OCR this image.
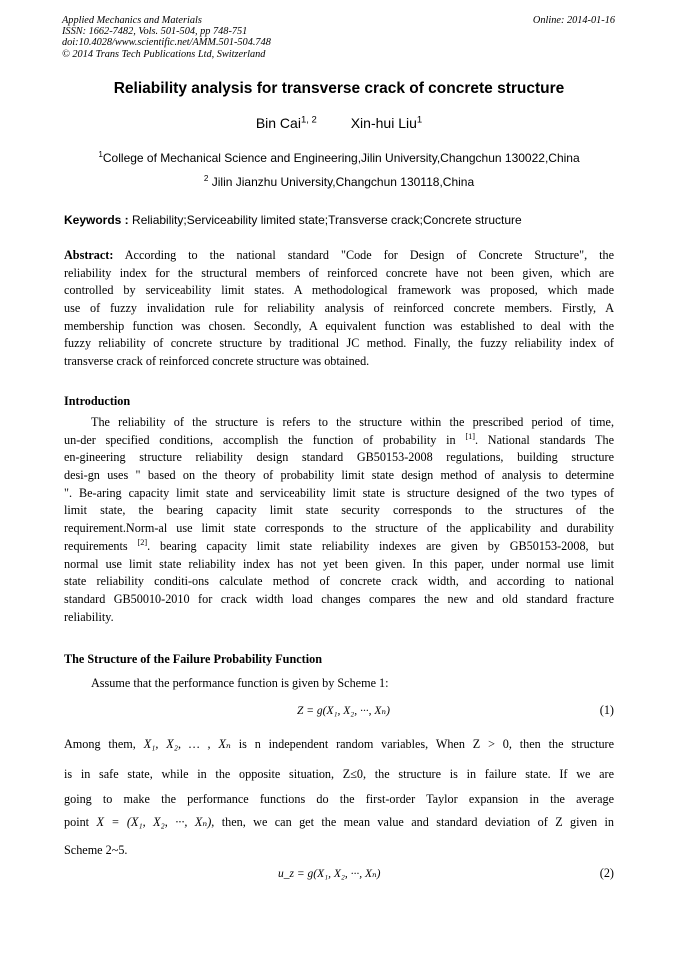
Applied Mechanics and Materials
ISSN: 1662-7482, Vols. 501-504, pp 748-751
doi:10.4028/www.scientific.net/AMM.501-504.748
© 2014 Trans Tech Publications Ltd, Switzerland
Online: 2014-01-16
Reliability analysis for transverse crack of concrete structure
Bin Cai$^{1, 2}$ Xin-hui Liu$^1$
$^1$College of Mechanical Science and Engineering,Jilin University,Changchun 130022,China
$^2$ Jilin Jianzhu University,Changchun 130118,China
Keywords : Reliability;Serviceability limited state;Transverse crack;Concrete structure
Abstract: According to the national standard "Code for Design of Concrete Structure", the
reliability index for the structural members of reinforced concrete have not been given, which are
controlled by serviceability limit states. A methodological framework was proposed, which made
use of fuzzy invalidation rule for reliability analysis of reinforced concrete members. Firstly, A
membership function was chosen. Secondly, A equivalent function was established to deal with the
fuzzy reliability of concrete structure by traditional JC method. Finally, the fuzzy reliability index of
transverse crack of reinforced concrete structure was obtained.
Introduction
The reliability of the structure is refers to the structure within the prescribed period of time,
un-der specified conditions, accomplish the function of probability in [1]. National standards The
en-gineering structure reliability design standard GB50153-2008 regulations, building structure
desi-gn uses " based on the theory of probability limit state design method of analysis to determine
". Be-aring capacity limit state and serviceability limit state is structure designed of the two types of
limit state, the bearing capacity limit state security corresponds to the structures of the
requirement.Norm-al use limit state corresponds to the structure of the applicability and durability
requirements [2]. bearing capacity limit state reliability indexes are given by GB50153-2008, but
normal use limit state reliability index has not yet been given. In this paper, under normal use limit
state reliability conditi-ons calculate method of concrete crack width, and according to national
standard GB50010-2010 for crack width load changes compares the new and old standard fracture
reliability.
The Structure of the Failure Probability Function
Assume that the performance function is given by Scheme 1:
Z = g(X₁, X₂, ···, Xₙ)	(1)
Among them, X₁, X₂, … , Xₙ is n independent random variables, When Z > 0, then the structure
is in safe state, while in the opposite situation, Z≤0, the structure is in failure state. If we are
going to make the performance functions do the first-order Taylor expansion in the average
point X = (X₁, X₂, ···, Xₙ), then, we can get the mean value and standard deviation of Z given in
Scheme 2~5.
u_z = g(X₁, X₂, ···, Xₙ)	(2)
